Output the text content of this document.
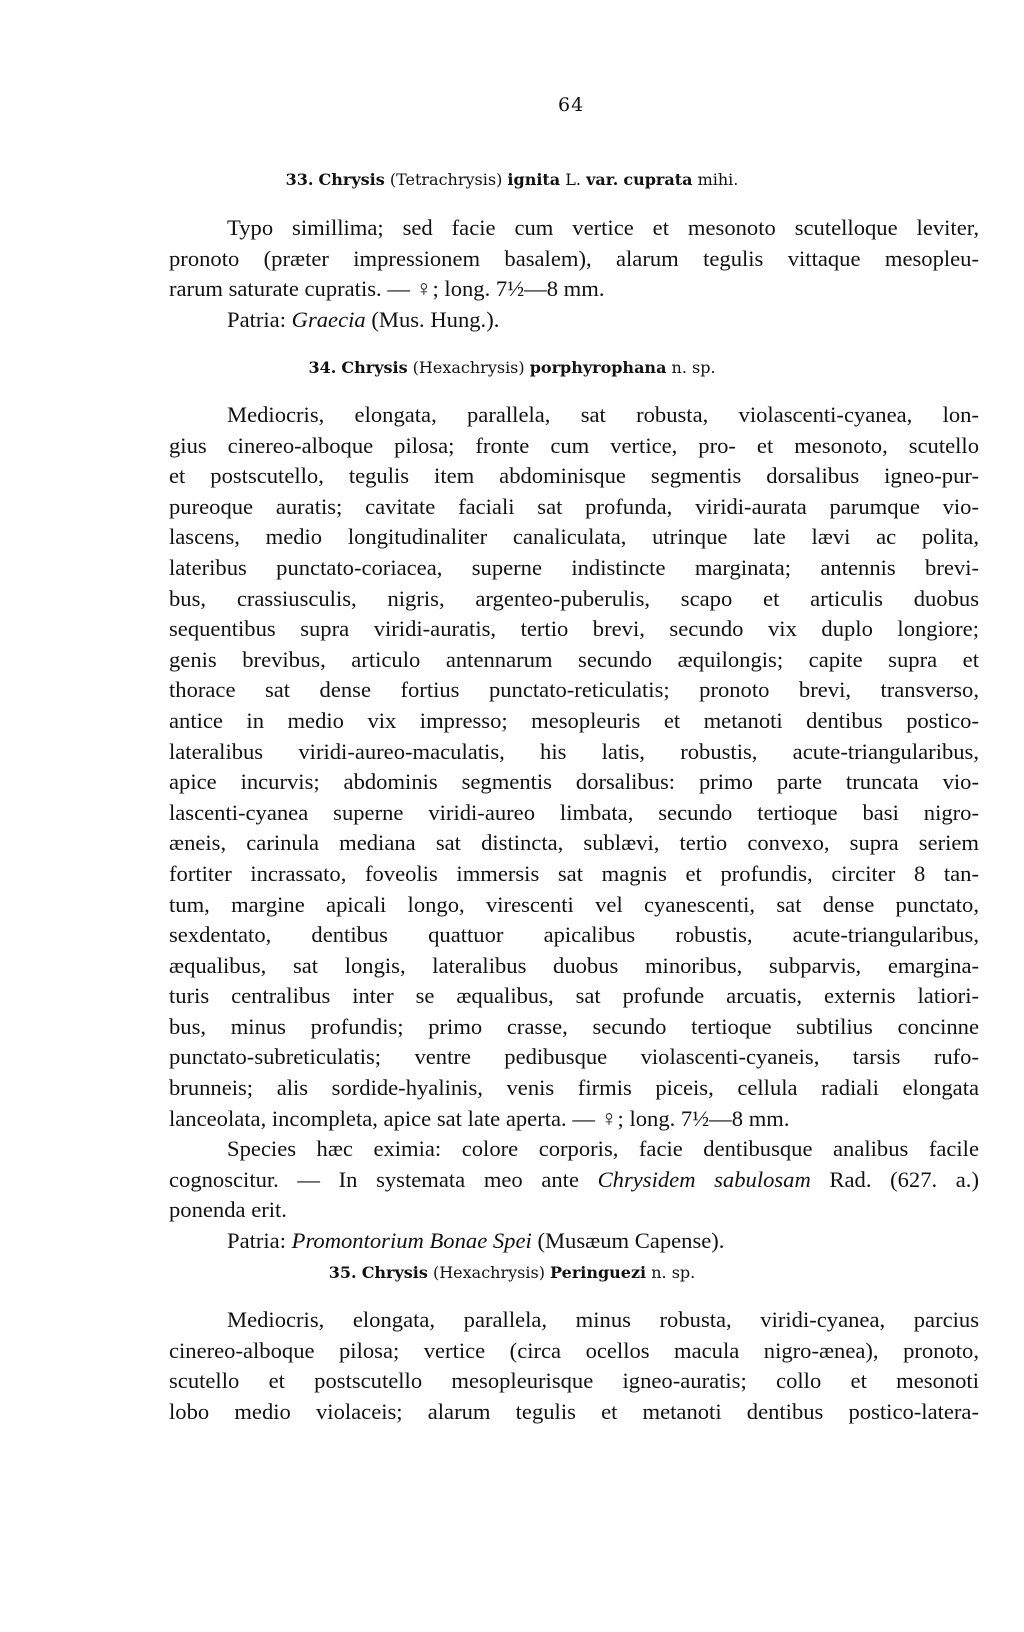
64
33. Chrysis (Tetrachrysis) ignita L. var. cuprata mihi.
Typo simillima; sed facie cum vertice et mesonoto scutelloque leviter,
pronoto (præter impressionem basalem), alarum tegulis vittaque mesopleu-
rarum saturate cupratis. — ♀; long. 7½—8 mm.
Patria: Graecia (Mus. Hung.).
34. Chrysis (Hexachrysis) porphyrophana n. sp.
Mediocris, elongata, parallela, sat robusta, violascenti-cyanea, lon-
gius cinereo-alboque pilosa; fronte cum vertice, pro- et mesonoto, scutello
et postscutello, tegulis item abdominisque segmentis dorsalibus igneo-pur-
pureoque auratis; cavitate faciali sat profunda, viridi-aurata parumque vio-
lascens, medio longitudinaliter canaliculata, utrinque late lævi ac polita,
lateribus punctato-coriacea, superne indistincte marginata; antennis brevi-
bus, crassiusculis, nigris, argenteo-puberulis, scapo et articulis duobus
sequentibus supra viridi-auratis, tertio brevi, secundo vix duplo longiore;
genis brevibus, articulo antennarum secundo æquilongis; capite supra et
thorace sat dense fortius punctato-reticulatis; pronoto brevi, transverso,
antice in medio vix impresso; mesopleuris et metanoti dentibus postico-
lateralibus viridi-aureo-maculatis, his latis, robustis, acute-triangularibus,
apice incurvis; abdominis segmentis dorsalibus: primo parte truncata vio-
lascenti-cyanea superne viridi-aureo limbata, secundo tertioque basi nigro-
æneis, carinula mediana sat distincta, sublævi, tertio convexo, supra seriem
fortiter incrassato, foveolis immersis sat magnis et profundis, circiter 8 tan-
tum, margine apicali longo, virescenti vel cyanescenti, sat dense punctato,
sexdentato, dentibus quattuor apicalibus robustis, acute-triangularibus,
æqualibus, sat longis, lateralibus duobus minoribus, subparvis, emargina-
turis centralibus inter se æqualibus, sat profunde arcuatis, externis latiori-
bus, minus profundis; primo crasse, secundo tertioque subtilius concinne
punctato-subreticulatis; ventre pedibusque violascenti-cyaneis, tarsis rufo-
brunneis; alis sordide-hyalinis, venis firmis piceis, cellula radiali elongata
lanceolata, incompleta, apice sat late aperta. — ♀; long. 7½—8 mm.
Species hæc eximia: colore corporis, facie dentibusque analibus facile
cognoscitur. — In systemata meo ante Chrysidem sabulosam Rad. (627. a.)
ponenda erit.
Patria: Promontorium Bonae Spei (Musæum Capense).
35. Chrysis (Hexachrysis) Peringuezi n. sp.
Mediocris, elongata, parallela, minus robusta, viridi-cyanea, parcius
cinereo-alboque pilosa; vertice (circa ocellos macula nigro-ænea), pronoto,
scutello et postscutello mesopleurisque igneo-auratis; collo et mesonoti
lobo medio violaceis; alarum tegulis et metanoti dentibus postico-latera-
